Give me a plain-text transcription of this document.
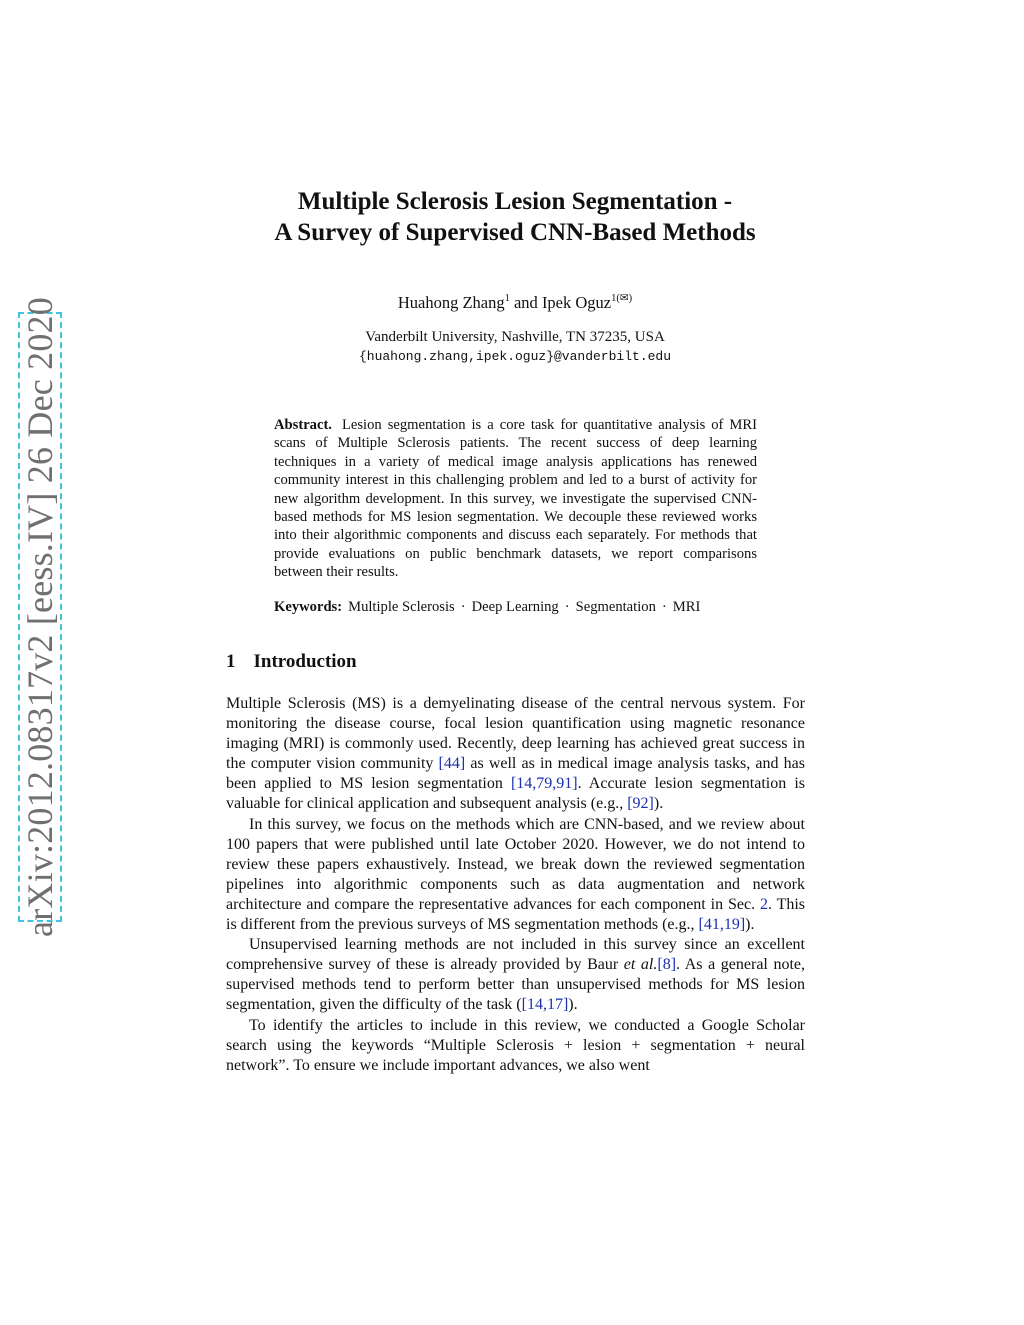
arXiv:2012.08317v2 [eess.IV] 26 Dec 2020
Multiple Sclerosis Lesion Segmentation -
A Survey of Supervised CNN-Based Methods
Huahong Zhang$^1$ and Ipek Oguz$^{1(✉)}$
Vanderbilt University, Nashville, TN 37235, USA
{huahong.zhang,ipek.oguz}@vanderbilt.edu
Abstract. Lesion segmentation is a core task for quantitative analysis of MRI scans of Multiple Sclerosis patients. The recent success of deep learning techniques in a variety of medical image analysis applications has renewed community interest in this challenging problem and led to a burst of activity for new algorithm development. In this survey, we investigate the supervised CNN-based methods for MS lesion segmentation. We decouple these reviewed works into their algorithmic components and discuss each separately. For methods that provide evaluations on public benchmark datasets, we report comparisons between their results.
Keywords: Multiple Sclerosis · Deep Learning · Segmentation · MRI
1 Introduction

Multiple Sclerosis (MS) is a demyelinating disease of the central nervous system. For monitoring the disease course, focal lesion quantification using magnetic resonance imaging (MRI) is commonly used. Recently, deep learning has achieved great success in the computer vision community [44] as well as in medical image analysis tasks, and has been applied to MS lesion segmentation [14,79,91]. Accurate lesion segmentation is valuable for clinical application and subsequent analysis (e.g., [92]).

In this survey, we focus on the methods which are CNN-based, and we review about 100 papers that were published until late October 2020. However, we do not intend to review these papers exhaustively. Instead, we break down the reviewed segmentation pipelines into algorithmic components such as data augmentation and network architecture and compare the representative advances for each component in Sec. 2. This is different from the previous surveys of MS segmentation methods (e.g., [41,19]).

Unsupervised learning methods are not included in this survey since an excellent comprehensive survey of these is already provided by Baur et al.[8]. As a general note, supervised methods tend to perform better than unsupervised methods for MS lesion segmentation, given the difficulty of the task ([14,17]).

To identify the articles to include in this review, we conducted a Google Scholar search using the keywords “Multiple Sclerosis + lesion + segmentation + neural network”. To ensure we include important advances, we also went
